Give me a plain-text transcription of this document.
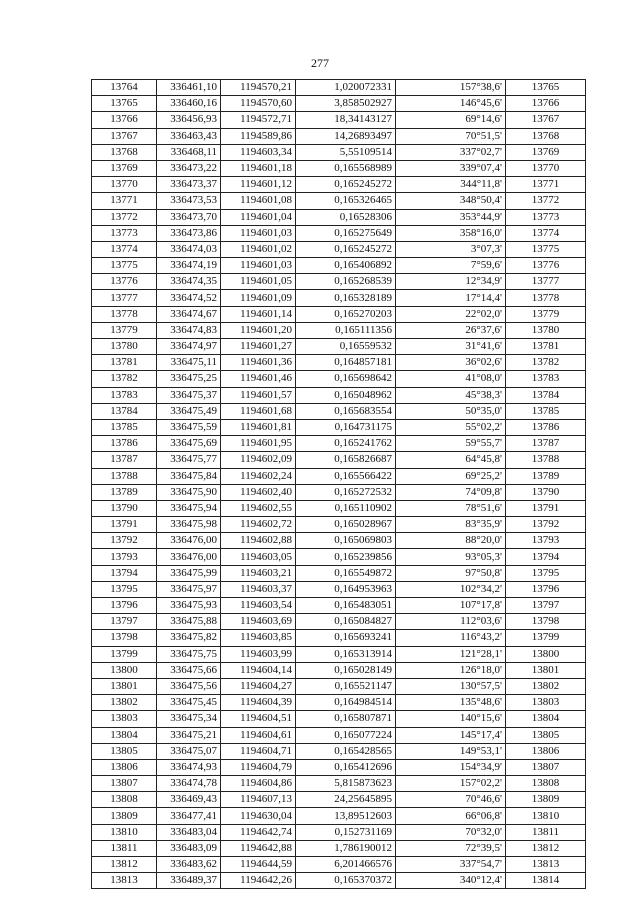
277
13764	336461,10	1194570,21	1,020072331	157°38,6'	13765
13765	336460,16	1194570,60	3,858502927	146°45,6'	13766
13766	336456,93	1194572,71	18,34143127	69°14,6'	13767
13767	336463,43	1194589,86	14,26893497	70°51,5'	13768
13768	336468,11	1194603,34	5,55109514	337°02,7'	13769
13769	336473,22	1194601,18	0,165568989	339°07,4'	13770
13770	336473,37	1194601,12	0,165245272	344°11,8'	13771
13771	336473,53	1194601,08	0,165326465	348°50,4'	13772
13772	336473,70	1194601,04	0,16528306	353°44,9'	13773
13773	336473,86	1194601,03	0,165275649	358°16,0'	13774
13774	336474,03	1194601,02	0,165245272	3°07,3'	13775
13775	336474,19	1194601,03	0,165406892	7°59,6'	13776
13776	336474,35	1194601,05	0,165268539	12°34,9'	13777
13777	336474,52	1194601,09	0,165328189	17°14,4'	13778
13778	336474,67	1194601,14	0,165270203	22°02,0'	13779
13779	336474,83	1194601,20	0,165111356	26°37,6'	13780
13780	336474,97	1194601,27	0,16559532	31°41,6'	13781
13781	336475,11	1194601,36	0,164857181	36°02,6'	13782
13782	336475,25	1194601,46	0,165698642	41°08,0'	13783
13783	336475,37	1194601,57	0,165048962	45°38,3'	13784
13784	336475,49	1194601,68	0,165683554	50°35,0'	13785
13785	336475,59	1194601,81	0,164731175	55°02,2'	13786
13786	336475,69	1194601,95	0,165241762	59°55,7'	13787
13787	336475,77	1194602,09	0,165826687	64°45,8'	13788
13788	336475,84	1194602,24	0,165566422	69°25,2'	13789
13789	336475,90	1194602,40	0,165272532	74°09,8'	13790
13790	336475,94	1194602,55	0,165110902	78°51,6'	13791
13791	336475,98	1194602,72	0,165028967	83°35,9'	13792
13792	336476,00	1194602,88	0,165069803	88°20,0'	13793
13793	336476,00	1194603,05	0,165239856	93°05,3'	13794
13794	336475,99	1194603,21	0,165549872	97°50,8'	13795
13795	336475,97	1194603,37	0,164953963	102°34,2'	13796
13796	336475,93	1194603,54	0,165483051	107°17,8'	13797
13797	336475,88	1194603,69	0,165084827	112°03,6'	13798
13798	336475,82	1194603,85	0,165693241	116°43,2'	13799
13799	336475,75	1194603,99	0,165313914	121°28,1'	13800
13800	336475,66	1194604,14	0,165028149	126°18,0'	13801
13801	336475,56	1194604,27	0,165521147	130°57,5'	13802
13802	336475,45	1194604,39	0,164984514	135°48,6'	13803
13803	336475,34	1194604,51	0,165807871	140°15,6'	13804
13804	336475,21	1194604,61	0,165077224	145°17,4'	13805
13805	336475,07	1194604,71	0,165428565	149°53,1'	13806
13806	336474,93	1194604,79	0,165412696	154°34,9'	13807
13807	336474,78	1194604,86	5,815873623	157°02,2'	13808
13808	336469,43	1194607,13	24,25645895	70°46,6'	13809
13809	336477,41	1194630,04	13,89512603	66°06,8'	13810
13810	336483,04	1194642,74	0,152731169	70°32,0'	13811
13811	336483,09	1194642,88	1,786190012	72°39,5'	13812
13812	336483,62	1194644,59	6,201466576	337°54,7'	13813
13813	336489,37	1194642,26	0,165370372	340°12,4'	13814
